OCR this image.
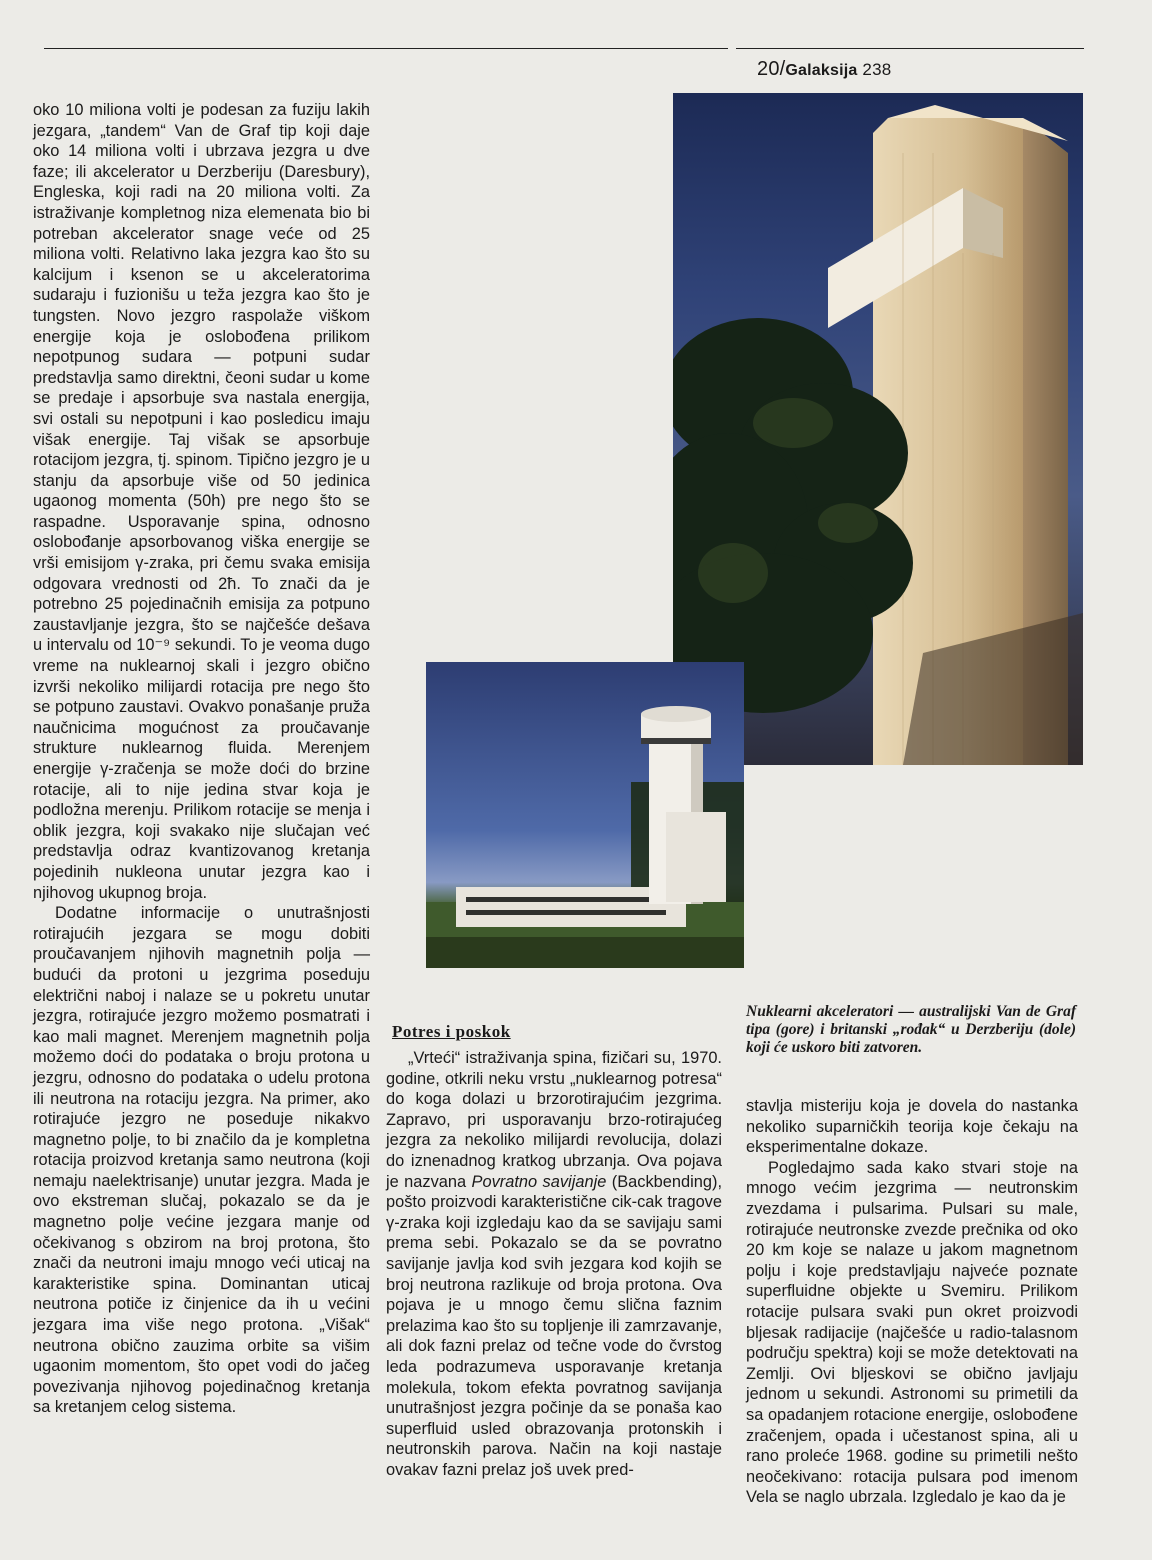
20/Galaksija 238

oko 10 miliona volti je podesan za fuziju lakih jezgara, „tandem“ Van de Graf tip koji daje oko 14 miliona volti i ubrzava jezgra u dve faze; ili akcelerator u Derzberiju (Daresbury), Engleska, koji radi na 20 miliona volti. Za istraživanje kompletnog niza elemenata bio bi potreban akcelerator snage veće od 25 miliona volti. Relativno laka jezgra kao što su kalcijum i ksenon se u akceleratorima sudaraju i fuzionišu u teža jezgra kao što je tungsten. Novo jezgro raspolaže viškom energije koja je oslobođena prilikom nepotpunog sudara — potpuni sudar predstavlja samo direktni, čeoni sudar u kome se predaje i apsorbuje sva nastala energija, svi ostali su nepotpuni i kao posledicu imaju višak energije. Taj višak se apsorbuje rotacijom jezgra, tj. spinom. Tipično jezgro je u stanju da apsorbuje više od 50 jedinica ugaonog momenta (50h) pre nego što se raspadne. Usporavanje spina, odnosno oslobođanje apsorbovanog viška energije se vrši emisijom γ-zraka, pri čemu svaka emisija odgovara vrednosti od 2ħ. To znači da je potrebno 25 pojedinačnih emisija za potpuno zaustavljanje jezgra, što se najčešće dešava u intervalu od 10⁻⁹ sekundi. To je veoma dugo vreme na nuklearnoj skali i jezgro obično izvrši nekoliko milijardi rotacija pre nego što se potpuno zaustavi. Ovakvo ponašanje pruža naučnicima mogućnost za proučavanje strukture nuklearnog fluida. Merenjem energije γ-zračenja se može doći do brzine rotacije, ali to nije jedina stvar koja je podložna merenju. Prilikom rotacije se menja i oblik jezgra, koji svakako nije slučajan već predstavlja odraz kvantizovanog kretanja pojedinih nukleona unutar jezgra kao i njihovog ukupnog broja.

Dodatne informacije o unutrašnjosti rotirajućih jezgara se mogu dobiti proučavanjem njihovih magnetnih polja — budući da protoni u jezgrima poseduju električni naboj i nalaze se u pokretu unutar jezgra, rotirajuće jezgro možemo posmatrati i kao mali magnet. Merenjem magnetnih polja možemo doći do podataka o broju protona u jezgru, odnosno do podataka o udelu protona ili neutrona na rotaciju jezgra. Na primer, ako rotirajuće jezgro ne poseduje nikakvo magnetno polje, to bi značilo da je kompletna rotacija proizvod kretanja samo neutrona (koji nemaju naelektrisanje) unutar jezgra. Mada je ovo ekstreman slučaj, pokazalo se da je magnetno polje većine jezgara manje od očekivanog s obzirom na broj protona, što znači da neutroni imaju mnogo veći uticaj na karakteristike spina. Dominantan uticaj neutrona potiče iz činjenice da ih u većini jezgara ima više nego protona. „Višak“ neutrona obično zauzima orbite sa višim ugaonim momentom, što opet vodi do jačeg povezivanja njihovog pojedinačnog kretanja sa kretanjem celog sistema.

Nuklearni akceleratori — australijski Van de Graf tipa (gore) i britanski „rođak“ u Derzberiju (dole) koji će uskoro biti zatvoren.
Potres i poskok

„Vrteći“ istraživanja spina, fizičari su, 1970. godine, otkrili neku vrstu „nuklearnog potresa“ do koga dolazi u brzorotirajućim jezgrima. Zapravo, pri usporavanju brzo-rotirajućeg jezgra za nekoliko milijardi revolucija, dolazi do iznenadnog kratkog ubrzanja. Ova pojava je nazvana Povratno savijanje (Backbending), pošto proizvodi karakteristične cik-cak tragove γ-zraka koji izgledaju kao da se savijaju sami prema sebi. Pokazalo se da se povratno savijanje javlja kod svih jezgara kod kojih se broj neutrona razlikuje od broja protona. Ova pojava je u mnogo čemu slična faznim prelazima kao što su topljenje ili zamrzavanje, ali dok fazni prelaz od tečne vode do čvrstog leda podrazumeva usporavanje kretanja molekula, tokom efekta povratnog savijanja unutrašnjost jezgra počinje da se ponaša kao superfluid usled obrazovanja protonskih i neutronskih parova. Način na koji nastaje ovakav fazni prelaz još uvek pred-

stavlja misteriju koja je dovela do nastanka nekoliko suparničkih teorija koje čekaju na eksperimentalne dokaze.

Pogledajmo sada kako stvari stoje na mnogo većim jezgrima — neutronskim zvezdama i pulsarima. Pulsari su male, rotirajuće neutronske zvezde prečnika od oko 20 km koje se nalaze u jakom magnetnom polju i koje predstavljaju najveće poznate superfluidne objekte u Svemiru. Prilikom rotacije pulsara svaki pun okret proizvodi bljesak radijacije (najčešće u radio-talasnom području spektra) koji se može detektovati na Zemlji. Ovi bljeskovi se obično javljaju jednom u sekundi. Astronomi su primetili da sa opadanjem rotacione energije, oslobođene zračenjem, opada i učestanost spina, ali u rano proleće 1968. godine su primetili nešto neočekivano: rotacija pulsara pod imenom Vela se naglo ubrzala. Izgledalo je kao da je
